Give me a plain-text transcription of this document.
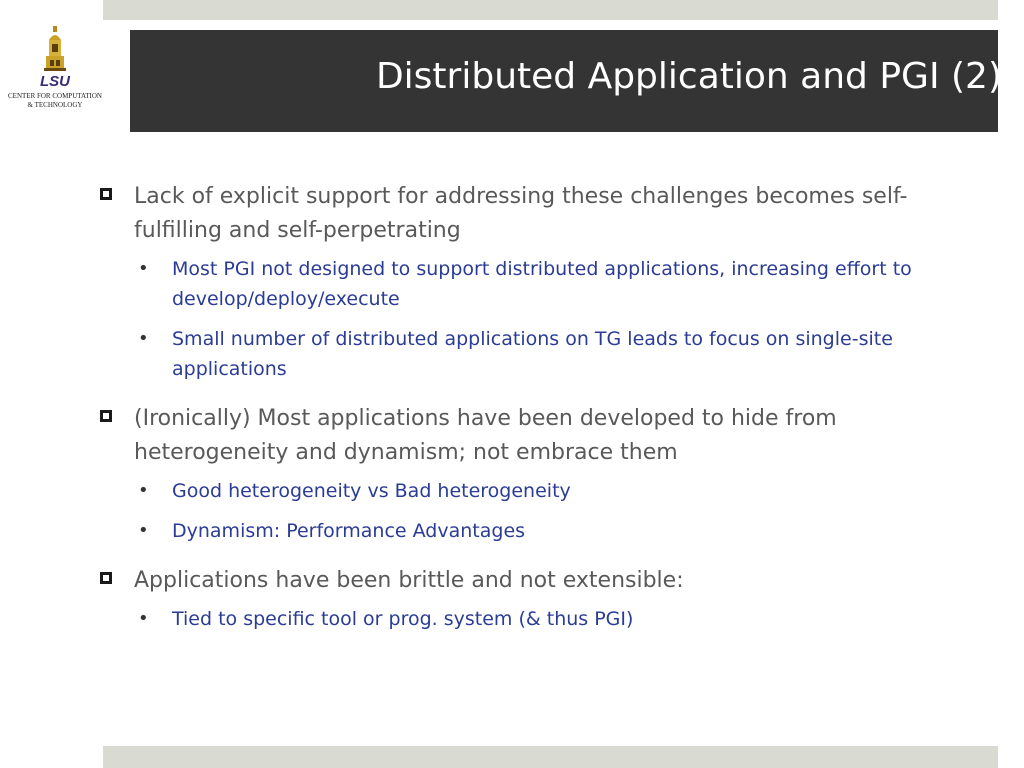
LSU
CENTER FOR COMPUTATION
& TECHNOLOGY
Distributed Application and PGI (2)
Lack of explicit support for addressing these challenges becomes self-fulfilling and self-perpetrating
• Most PGI not designed to support distributed applications, increasing effort to develop/deploy/execute
• Small number of distributed applications on TG leads to focus on single-site applications
(Ironically) Most applications have been developed to hide from heterogeneity and dynamism; not embrace them
• Good heterogeneity vs Bad heterogeneity
• Dynamism: Performance Advantages
Applications have been brittle and not extensible:
• Tied to specific tool or prog. system (& thus PGI)
